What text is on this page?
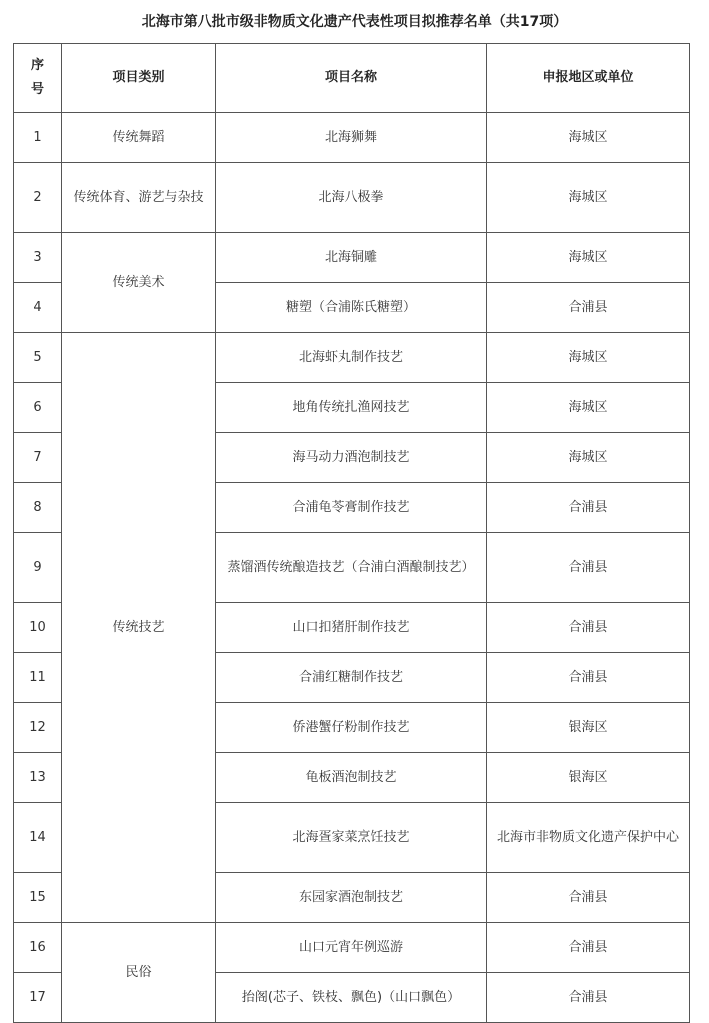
北海市第八批市级非物质文化遗产代表性项目拟推荐名单（共17项）
序号	项目类别	项目名称	申报地区或单位
1	传统舞蹈	北海狮舞	海城区
2	传统体育、游艺与杂技	北海八极拳	海城区
3	传统美术	北海铜雕	海城区
4		糖塑（合浦陈氏糖塑）	合浦县
5	传统技艺	北海虾丸制作技艺	海城区
6		地角传统扎渔网技艺	海城区
7		海马动力酒泡制技艺	海城区
8		合浦龟苓膏制作技艺	合浦县
9		蒸馏酒传统酿造技艺（合浦白酒酿制技艺）	合浦县
10		山口扣猪肝制作技艺	合浦县
11		合浦红糖制作技艺	合浦县
12		侨港蟹仔粉制作技艺	银海区
13		龟板酒泡制技艺	银海区
14		北海疍家菜烹饪技艺	北海市非物质文化遗产保护中心
15		东园家酒泡制技艺	合浦县
16	民俗	山口元宵年例巡游	合浦县
17		抬阁(芯子、铁枝、飘色)（山口飘色）	合浦县
